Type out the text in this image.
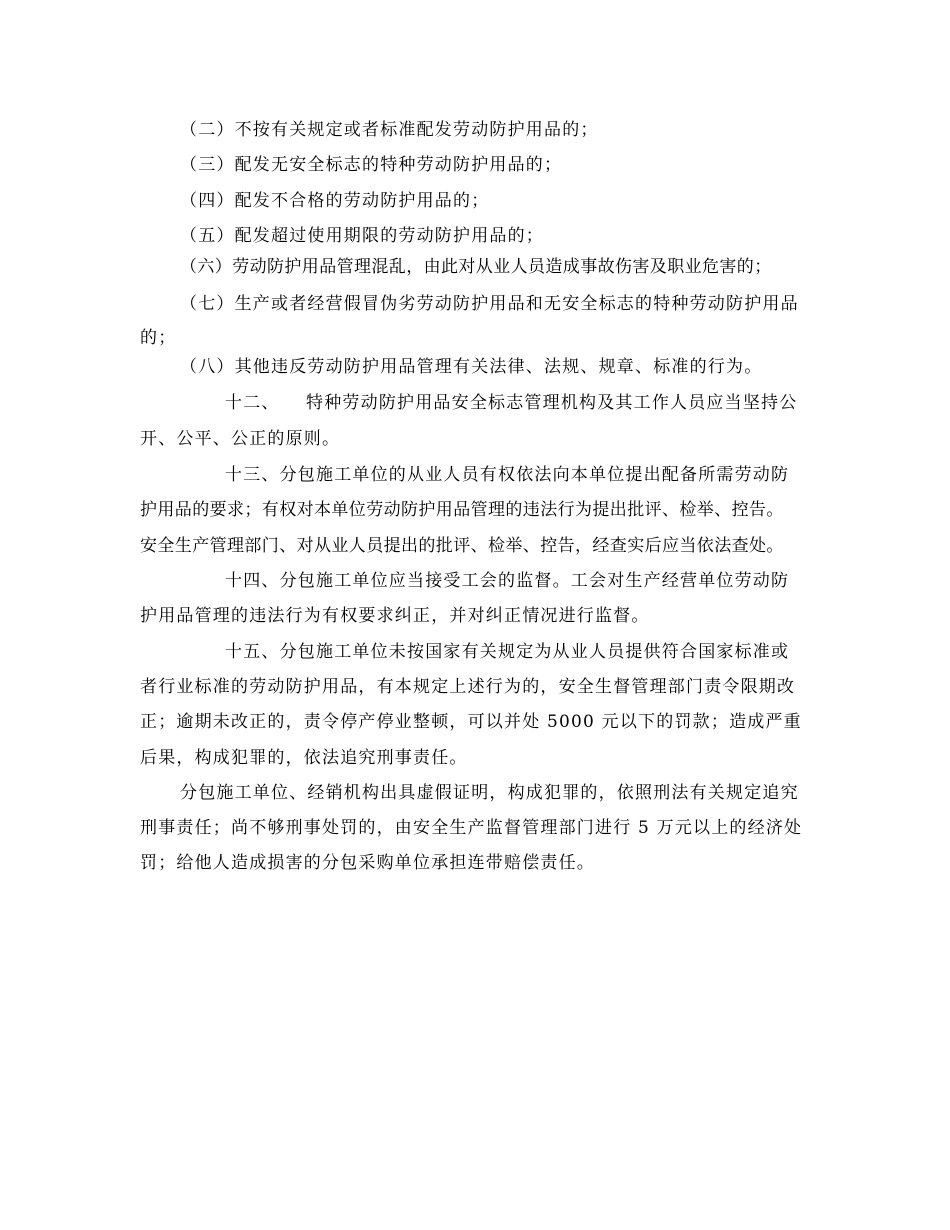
（二）不按有关规定或者标准配发劳动防护用品的；
（三）配发无安全标志的特种劳动防护用品的；
（四）配发不合格的劳动防护用品的；
（五）配发超过使用期限的劳动防护用品的；
（六）劳动防护用品管理混乱，由此对从业人员造成事故伤害及职业危害的；
（七）生产或者经营假冒伪劣劳动防护用品和无安全标志的特种劳动防护用品
的；
（八）其他违反劳动防护用品管理有关法律、法规、规章、标准的行为。
十二、    特种劳动防护用品安全标志管理机构及其工作人员应当坚持公
开、公平、公正的原则。
十三、分包施工单位的从业人员有权依法向本单位提出配备所需劳动防
护用品的要求；有权对本单位劳动防护用品管理的违法行为提出批评、检举、控告。
安全生产管理部门、对从业人员提出的批评、检举、控告，经查实后应当依法查处。
十四、分包施工单位应当接受工会的监督。工会对生产经营单位劳动防
护用品管理的违法行为有权要求纠正，并对纠正情况进行监督。
十五、分包施工单位未按国家有关规定为从业人员提供符合国家标准或
者行业标准的劳动防护用品，有本规定上述行为的，安全生督管理部门责令限期改
正；逾期未改正的，责令停产停业整顿，可以并处 5000 元以下的罚款；造成严重
后果，构成犯罪的，依法追究刑事责任。
分包施工单位、经销机构出具虚假证明，构成犯罪的，依照刑法有关规定追究
刑事责任；尚不够刑事处罚的，由安全生产监督管理部门进行 5 万元以上的经济处
罚；给他人造成损害的分包采购单位承担连带赔偿责任。
